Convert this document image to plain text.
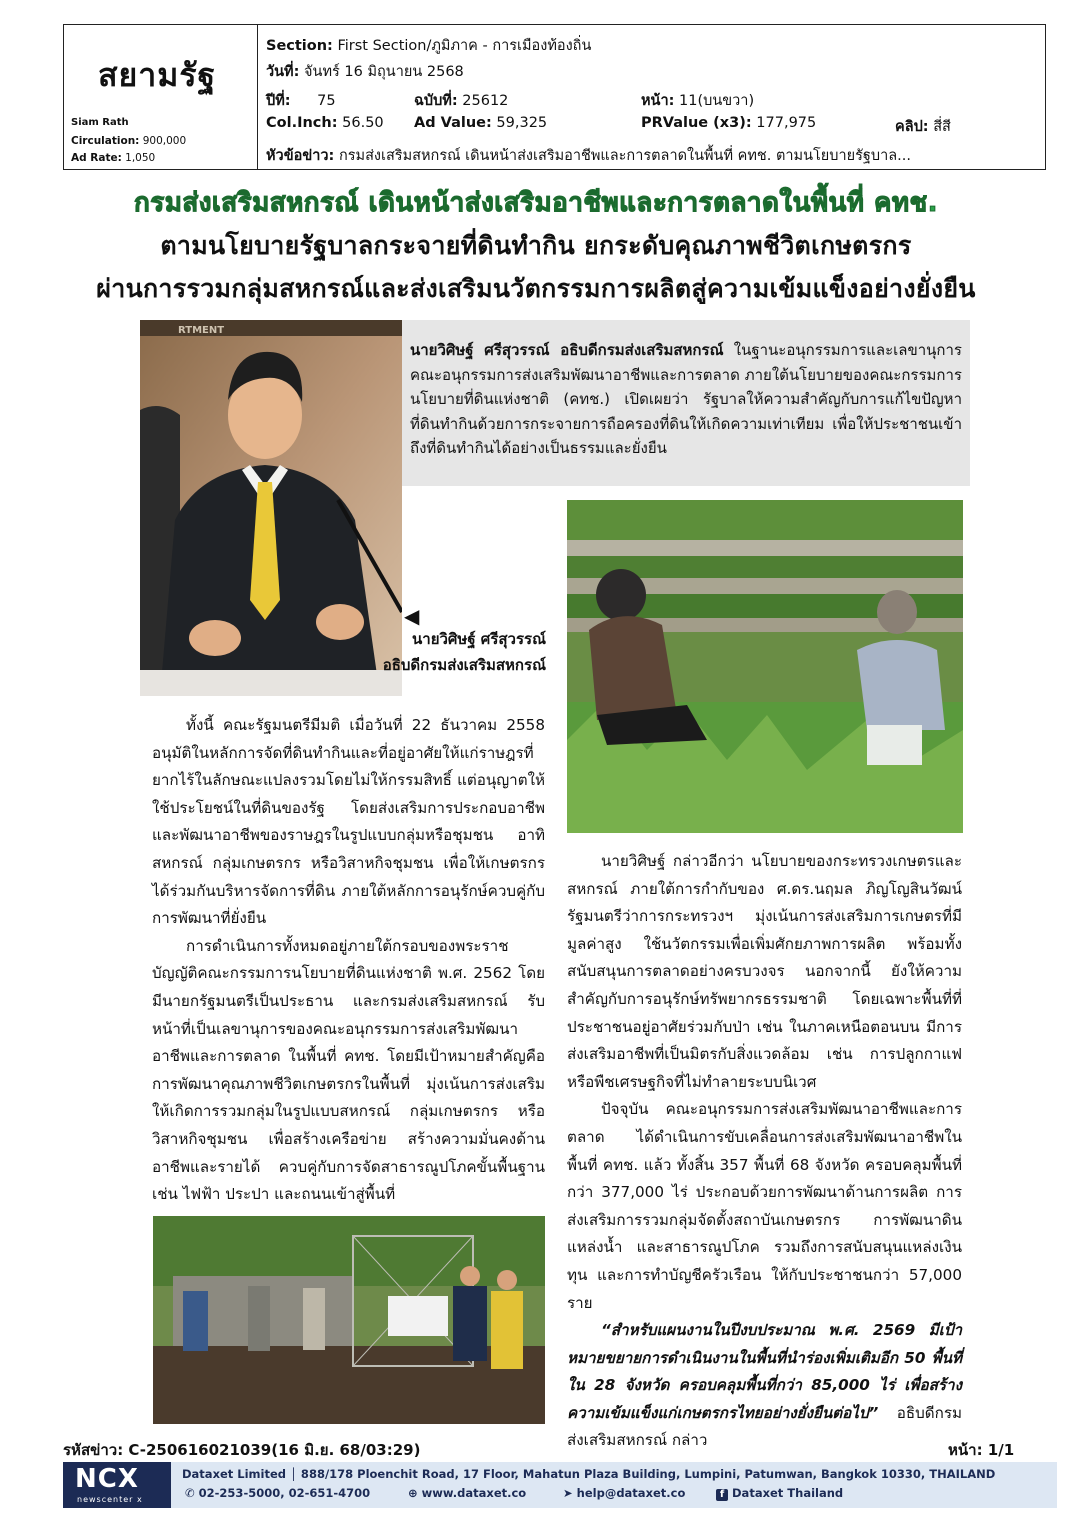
สยามรัฐ
Siam Rath
Circulation: 900,000
Ad Rate: 1,050
Section: First Section/ภูมิภาค - การเมืองท้องถิ่น
วันที่: จันทร์ 16 มิถุนายน 2568
ปีที่: 75	ฉบับที่: 25612	หน้า: 11(บนขวา)
Col.Inch: 56.50 Ad Value: 59,325	PRValue (x3): 177,975	คลิป: สี่สี
หัวข้อข่าว: กรมส่งเสริมสหกรณ์ เดินหน้าส่งเสริมอาชีพและการตลาดในพื้นที่ คทช. ตามนโยบายรัฐบาล...
กรมส่งเสริมสหกรณ์ เดินหน้าส่งเสริมอาชีพและการตลาดในพื้นที่ คทช.
ตามนโยบายรัฐบาลกระจายที่ดินทำกิน ยกระดับคุณภาพชีวิตเกษตรกร
ผ่านการรวมกลุ่มสหกรณ์และส่งเสริมนวัตกรรมการผลิตสู่ความเข้มแข็งอย่างยั่งยืน
นายวิศิษฐ์ ศรีสุวรรณ์ อธิบดีกรมส่งเสริมสหกรณ์ ในฐานะอนุกรรมการและเลขานุการคณะอนุกรรมการส่งเสริมพัฒนาอาชีพและการตลาด ภายใต้นโยบายของคณะกรรมการนโยบายที่ดินแห่งชาติ (คทช.) เปิดเผยว่า รัฐบาลให้ความสำคัญกับการแก้ไขปัญหาที่ดินทำกินด้วยการกระจายการถือครองที่ดินให้เกิดความเท่าเทียม เพื่อให้ประชาชนเข้าถึงที่ดินทำกินได้อย่างเป็นธรรมและยั่งยืน
RTMENT
◀
นายวิศิษฐ์ ศรีสุวรรณ์
อธิบดีกรมส่งเสริมสหกรณ์

ทั้งนี้ คณะรัฐมนตรีมีมติ เมื่อวันที่ 22 ธันวาคม 2558 อนุมัติในหลักการจัดที่ดินทำกินและที่อยู่อาศัยให้แก่ราษฎรที่ยากไร้ในลักษณะแปลงรวมโดยไม่ให้กรรมสิทธิ์ แต่อนุญาตให้ใช้ประโยชน์ในที่ดินของรัฐ โดยส่งเสริมการประกอบอาชีพและพัฒนาอาชีพของราษฎรในรูปแบบกลุ่มหรือชุมชน อาทิ สหกรณ์ กลุ่มเกษตรกร หรือวิสาหกิจชุมชน เพื่อให้เกษตรกรได้ร่วมกันบริหารจัดการที่ดิน ภายใต้หลักการอนุรักษ์ควบคู่กับการพัฒนาที่ยั่งยืน

การดำเนินการทั้งหมดอยู่ภายใต้กรอบของพระราชบัญญัติคณะกรรมการนโยบายที่ดินแห่งชาติ พ.ศ. 2562 โดยมีนายกรัฐมนตรีเป็นประธาน และกรมส่งเสริมสหกรณ์ รับหน้าที่เป็นเลขานุการของคณะอนุกรรมการส่งเสริมพัฒนาอาชีพและการตลาด ในพื้นที่ คทช. โดยมีเป้าหมายสำคัญคือ การพัฒนาคุณภาพชีวิตเกษตรกรในพื้นที่ มุ่งเน้นการส่งเสริมให้เกิดการรวมกลุ่มในรูปแบบสหกรณ์ กลุ่มเกษตรกร หรือวิสาหกิจชุมชน เพื่อสร้างเครือข่าย สร้างความมั่นคงด้านอาชีพและรายได้ ควบคู่กับการจัดสาธารณูปโภคขั้นพื้นฐาน เช่น ไฟฟ้า ประปา และถนนเข้าสู่พื้นที่

นายวิศิษฐ์ กล่าวอีกว่า นโยบายของกระทรวงเกษตรและสหกรณ์ ภายใต้การกำกับของ ศ.ดร.นฤมล ภิญโญสินวัฒน์ รัฐมนตรีว่าการกระทรวงฯ มุ่งเน้นการส่งเสริมการเกษตรที่มีมูลค่าสูง ใช้นวัตกรรมเพื่อเพิ่มศักยภาพการผลิต พร้อมทั้งสนับสนุนการตลาดอย่างครบวงจร นอกจากนี้ ยังให้ความสำคัญกับการอนุรักษ์ทรัพยากรธรรมชาติ โดยเฉพาะพื้นที่ที่ประชาชนอยู่อาศัยร่วมกับป่า เช่น ในภาคเหนือตอนบน มีการส่งเสริมอาชีพที่เป็นมิตรกับสิ่งแวดล้อม เช่น การปลูกกาแฟหรือพืชเศรษฐกิจที่ไม่ทำลายระบบนิเวศ

ปัจจุบัน คณะอนุกรรมการส่งเสริมพัฒนาอาชีพและการตลาด ได้ดำเนินการขับเคลื่อนการส่งเสริมพัฒนาอาชีพในพื้นที่ คทช. แล้ว ทั้งสิ้น 357 พื้นที่ 68 จังหวัด ครอบคลุมพื้นที่กว่า 377,000 ไร่ ประกอบด้วยการพัฒนาด้านการผลิต การส่งเสริมการรวมกลุ่มจัดตั้งสถาบันเกษตรกร การพัฒนาดิน แหล่งน้ำ และสาธารณูปโภค รวมถึงการสนับสนุนแหล่งเงินทุน และการทำบัญชีครัวเรือน ให้กับประชาชนกว่า 57,000 ราย

“สำหรับแผนงานในปีงบประมาณ พ.ศ. 2569 มีเป้าหมายขยายการดำเนินงานในพื้นที่นำร่องเพิ่มเติมอีก 50 พื้นที่ ใน 28 จังหวัด ครอบคลุมพื้นที่กว่า 85,000 ไร่ เพื่อสร้างความเข้มแข็งแก่เกษตรกรไทยอย่างยั่งยืนต่อไป” อธิบดีกรมส่งเสริมสหกรณ์ กล่าว

รหัสข่าว: C-250616021039(16 มิ.ย. 68/03:29)	หน้า: 1/1
NCX
newscenter x
Dataxet Limited │ 888/178 Ploenchit Road, 17 Floor, Mahatun Plaza Building, Lumpini, Patumwan, Bangkok 10330, THAILAND
✆ 02-253-5000, 02-651-4700	⊕ www.dataxet.co	➤ help@dataxet.co	f Dataxet Thailand
